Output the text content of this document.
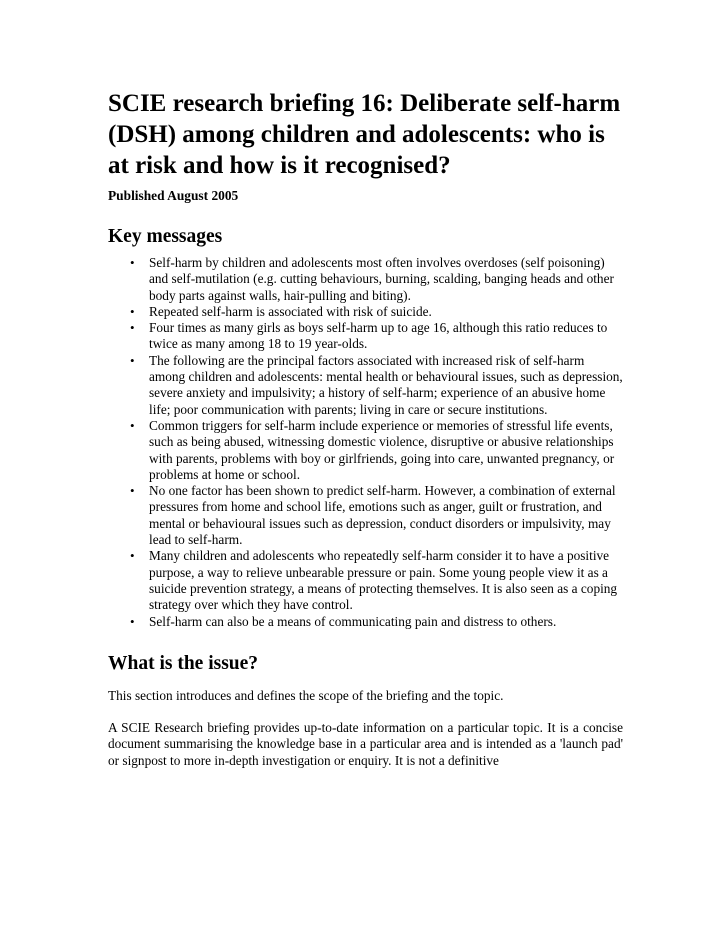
SCIE research briefing 16: Deliberate self-harm (DSH) among children and adolescents: who is at risk and how is it recognised?
Published August 2005
Key messages
• Self-harm by children and adolescents most often involves overdoses (self poisoning) and self-mutilation (e.g. cutting behaviours, burning, scalding, banging heads and other body parts against walls, hair-pulling and biting).
• Repeated self-harm is associated with risk of suicide.
• Four times as many girls as boys self-harm up to age 16, although this ratio reduces to twice as many among 18 to 19 year-olds.
• The following are the principal factors associated with increased risk of self-harm among children and adolescents: mental health or behavioural issues, such as depression, severe anxiety and impulsivity; a history of self-harm; experience of an abusive home life; poor communication with parents; living in care or secure institutions.
• Common triggers for self-harm include experience or memories of stressful life events, such as being abused, witnessing domestic violence, disruptive or abusive relationships with parents, problems with boy or girlfriends, going into care, unwanted pregnancy, or problems at home or school.
• No one factor has been shown to predict self-harm. However, a combination of external pressures from home and school life, emotions such as anger, guilt or frustration, and mental or behavioural issues such as depression, conduct disorders or impulsivity, may lead to self-harm.
• Many children and adolescents who repeatedly self-harm consider it to have a positive purpose, a way to relieve unbearable pressure or pain. Some young people view it as a suicide prevention strategy, a means of protecting themselves. It is also seen as a coping strategy over which they have control.
• Self-harm can also be a means of communicating pain and distress to others.
What is the issue?

This section introduces and defines the scope of the briefing and the topic.

A SCIE Research briefing provides up-to-date information on a particular topic. It is a concise document summarising the knowledge base in a particular area and is intended as a 'launch pad' or signpost to more in-depth investigation or enquiry. It is not a definitive
